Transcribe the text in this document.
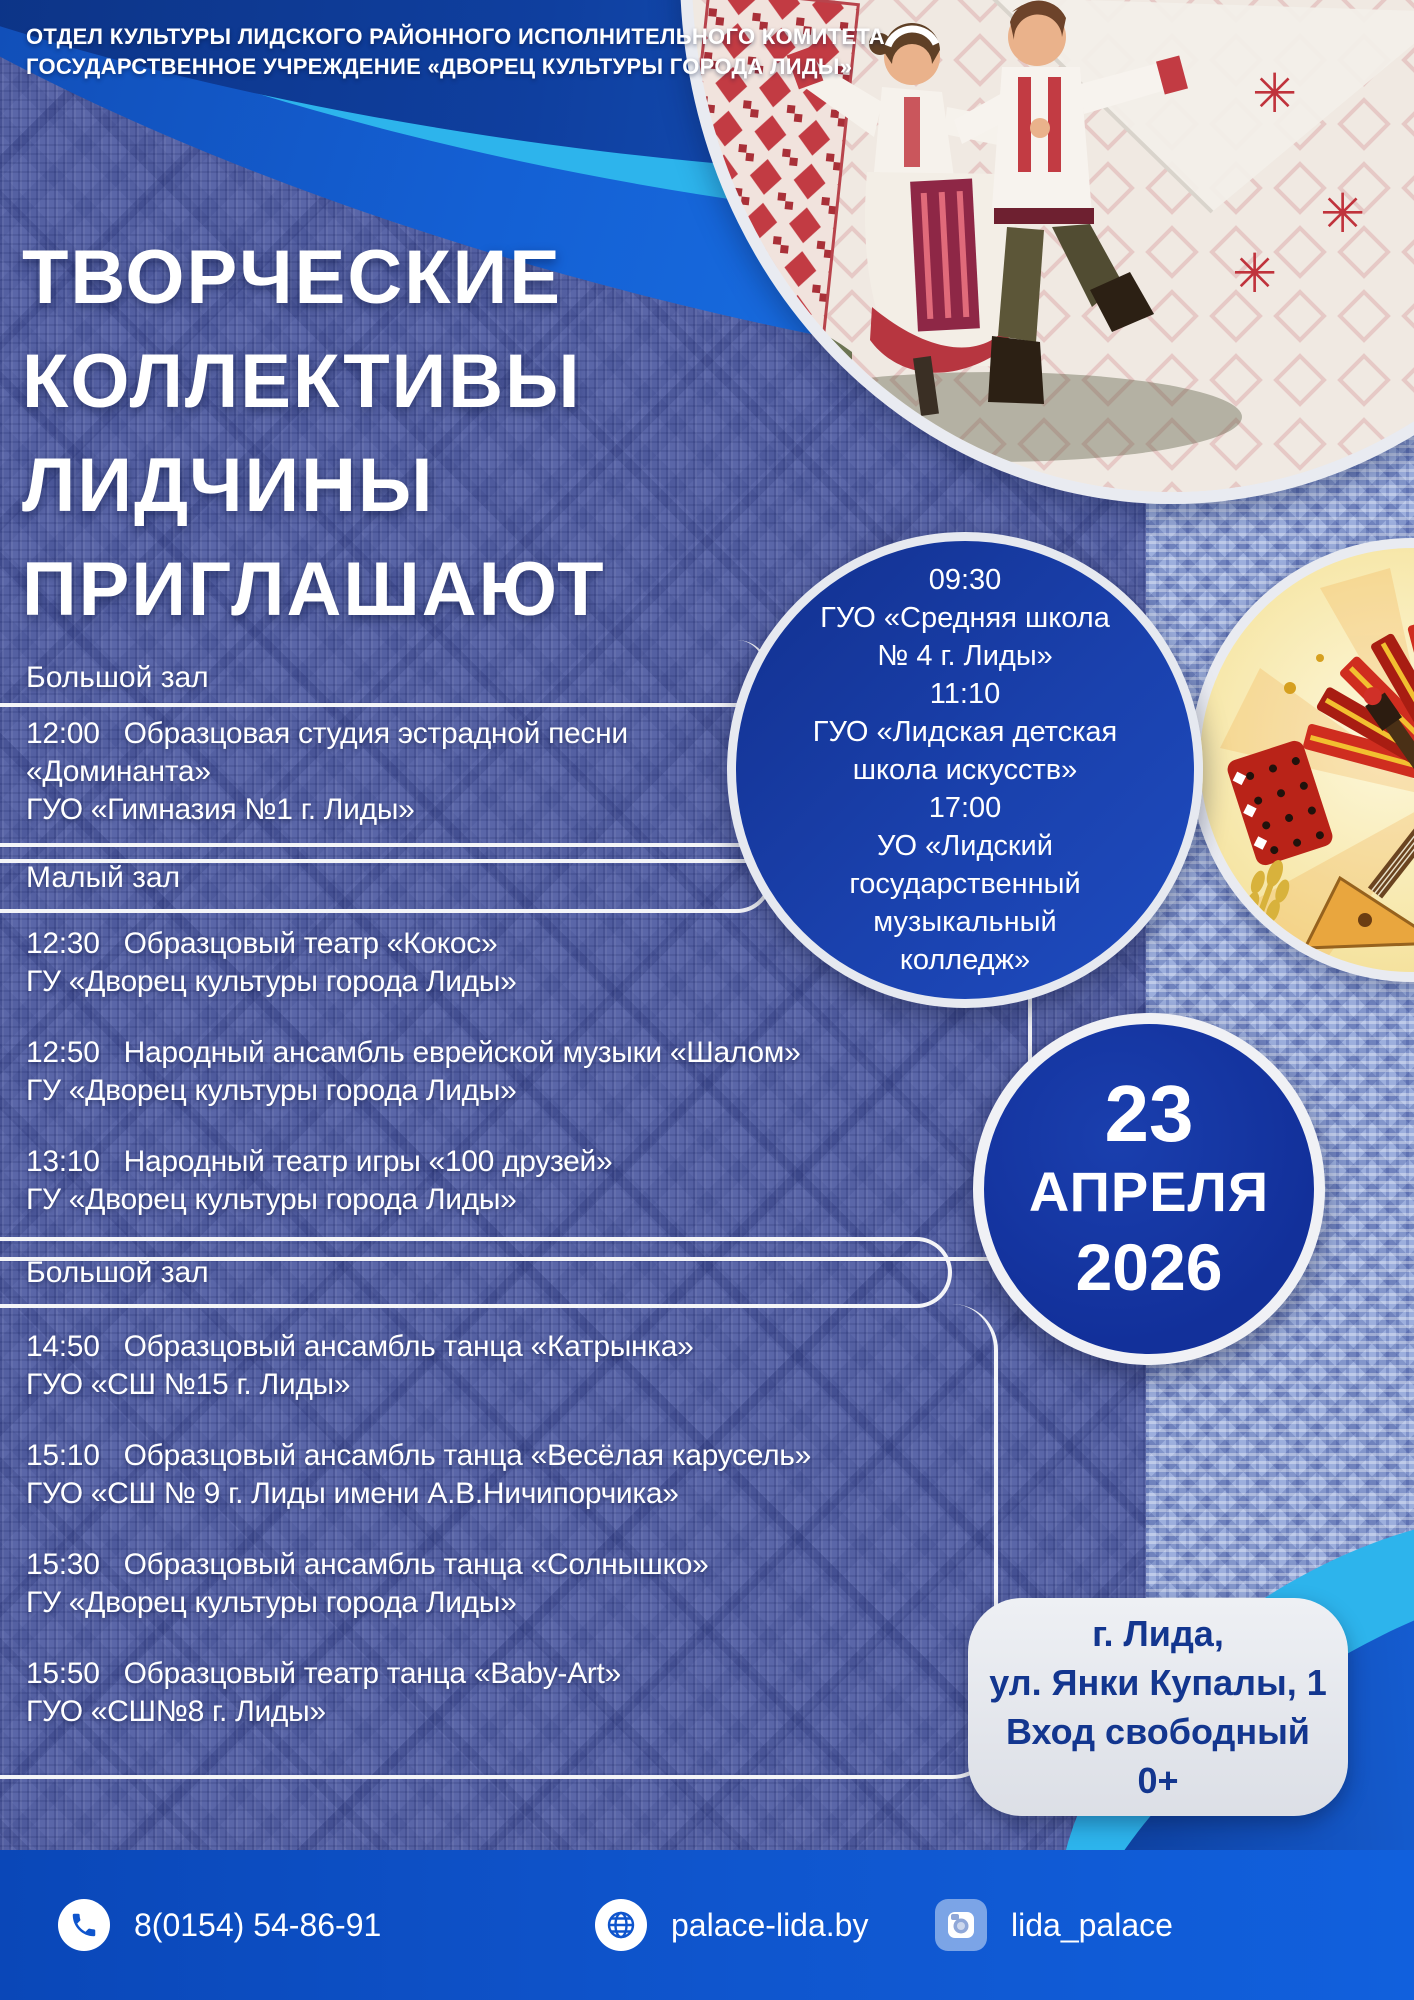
✳
✳
✳
ОТДЕЛ КУЛЬТУРЫ ЛИДСКОГО РАЙОННОГО ИСПОЛНИТЕЛЬНОГО КОМИТЕТА
ГОСУДАРСТВЕННОЕ УЧРЕЖДЕНИЕ «ДВОРЕЦ КУЛЬТУРЫ ГОРОДА ЛИДЫ»
ТВОРЧЕСКИЕ
КОЛЛЕКТИВЫ
ЛИДЧИНЫ
ПРИГЛАШАЮТ
Большой зал

12:00 Образцовая студия эстрадной песни «Доминанта»

ГУО «Гимназия №1 г. Лиды»

Малый зал

12:30 Образцовый театр «Кокос»

ГУ «Дворец культуры города Лиды»

12:50 Народный ансамбль еврейской музыки «Шалом»

ГУ «Дворец культуры города Лиды»

13:10 Народный театр игры «100 друзей»

ГУ «Дворец культуры города Лиды»

Большой зал

14:50 Образцовый ансамбль танца «Катрынка»

ГУО «СШ №15 г. Лиды»

15:10 Образцовый ансамбль танца «Весёлая карусель»

ГУО «СШ № 9 г. Лиды имени А.В.Ничипорчика»

15:30 Образцовый ансамбль танца «Солнышко»

ГУ «Дворец культуры города Лиды»

15:50 Образцовый театр танца «Baby-Art»

ГУО «СШ№8 г. Лиды»

09:30
ГУО «Средняя школа
№ 4 г. Лиды»
11:10
ГУО «Лидская детская
школа искусств»
17:00
УО «Лидский
государственный
музыкальный
колледж»
23
АПРЕЛЯ
2026
г. Лида,
ул. Янки Купалы, 1
Вход свободный
0+
8(0154) 54-86-91	palace-lida.by	lida_palace
